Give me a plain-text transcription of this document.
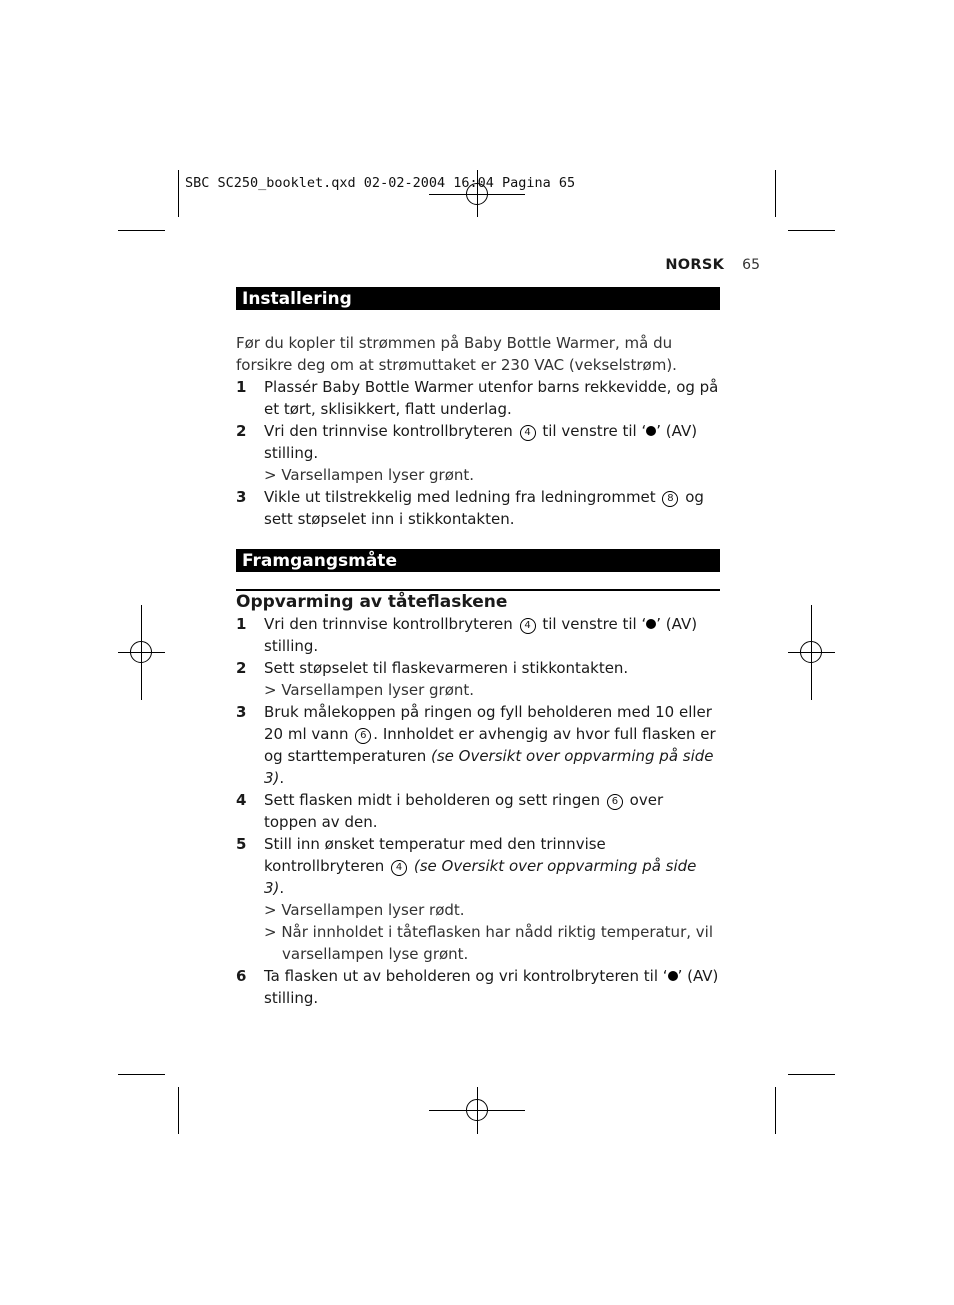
SBC SC250_booklet.qxd 02-02-2004 16:04 Pagina 65
NORSK 65
Installering
Før du kopler til strømmen på Baby Bottle Warmer, må du forsikre deg om at strømuttaket er 230 VAC (vekselstrøm).
1	Plassér Baby Bottle Warmer utenfor barns rekkevidde, og på et tørt, sklisikkert, flatt underlag.
2	Vri den trinnvise kontrollbryteren 4 til venstre til ‘ ’ (AV) stilling.
> Varsellampen lyser grønt.
3	Vikle ut tilstrekkelig med ledning fra ledningrommet 8 og sett støpselet inn i stikkontakten.
Framgangsmåte
Oppvarming av tåteflaskene
1	Vri den trinnvise kontrollbryteren 4 til venstre til ‘ ’ (AV) stilling.
2	Sett støpselet til flaskevarmeren i stikkontakten.
> Varsellampen lyser grønt.
3	Bruk målekoppen på ringen og fyll beholderen med 10 eller 20 ml vann 6 . Innholdet er avhengig av hvor full flasken er og starttemperaturen (se Oversikt over oppvarming på side 3).
4	Sett flasken midt i beholderen og sett ringen 6 over toppen av den.
5	Still inn ønsket temperatur med den trinnvise kontrollbryteren 4 (se Oversikt over oppvarming på side 3).
> Varsellampen lyser rødt.
> Når innholdet i tåteflasken har nådd riktig temperatur, vil varsellampen lyse grønt.
6	Ta flasken ut av beholderen og vri kontrolbryteren til ‘ ’ (AV) stilling.
